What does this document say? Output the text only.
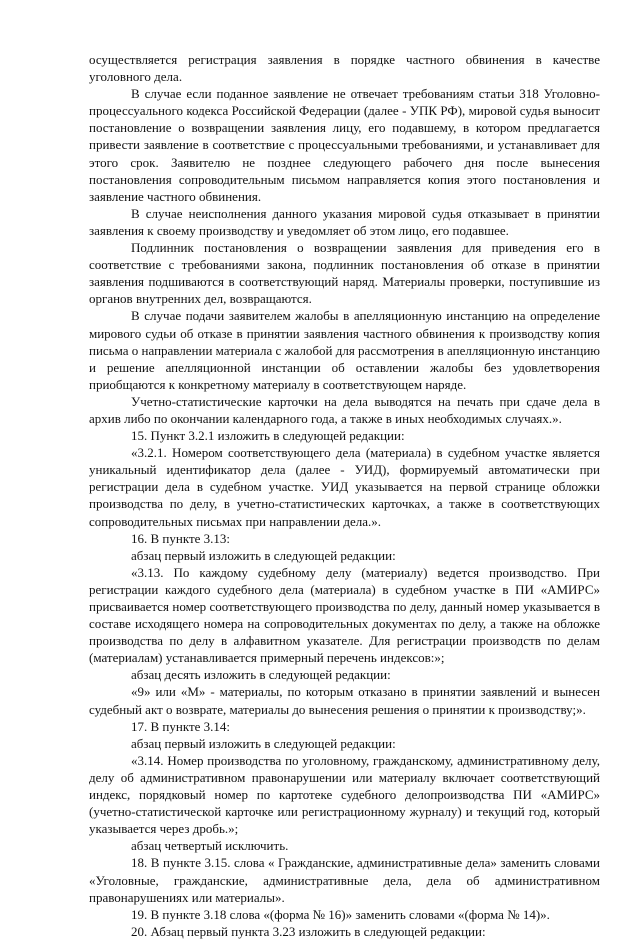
осуществляется регистрация заявления в порядке частного обвинения в качестве уголовного дела.

В случае если поданное заявление не отвечает требованиям статьи 318 Уголовно-процессуального кодекса Российской Федерации (далее - УПК РФ), мировой судья выносит постановление о возвращении заявления лицу, его подавшему, в котором предлагается привести заявление в соответствие с процессуальными требованиями, и устанавливает для этого срок. Заявителю не позднее следующего рабочего дня после вынесения постановления сопроводительным письмом направляется копия этого постановления и заявление частного обвинения.

В случае неисполнения данного указания мировой судья отказывает в принятии заявления к своему производству и уведомляет об этом лицо, его подавшее.

Подлинник постановления о возвращении заявления для приведения его в соответствие с требованиями закона, подлинник постановления об отказе в принятии заявления подшиваются в соответствующий наряд. Материалы проверки, поступившие из органов внутренних дел, возвращаются.

В случае подачи заявителем жалобы в апелляционную инстанцию на определение мирового судьи об отказе в принятии заявления частного обвинения к производству копия письма о направлении материала с жалобой для рассмотрения в апелляционную инстанцию и решение апелляционной инстанции об оставлении жалобы без удовлетворения приобщаются к конкретному материалу в соответствующем наряде.

Учетно-статистические карточки на дела выводятся на печать при сдаче дела в архив либо по окончании календарного года, а также в иных необходимых случаях.».

15. Пункт 3.2.1 изложить в следующей редакции:

«3.2.1. Номером соответствующего дела (материала) в судебном участке является уникальный идентификатор дела (далее - УИД), формируемый автоматически при регистрации дела в судебном участке. УИД указывается на первой странице обложки производства по делу, в учетно-статистических карточках, а также в соответствующих сопроводительных письмах при направлении дела.».

16. В пункте 3.13:

абзац первый изложить в следующей редакции:

«3.13. По каждому судебному делу (материалу) ведется производство. При регистрации каждого судебного дела (материала) в судебном участке в ПИ «АМИРС» присваивается номер соответствующего производства по делу, данный номер указывается в составе исходящего номера на сопроводительных документах по делу, а также на обложке производства по делу в алфавитном указателе. Для регистрации производств по делам (материалам) устанавливается примерный перечень индексов:»;

абзац десять изложить в следующей редакции:

«9» или «М» - материалы, по которым отказано в принятии заявлений и вынесен судебный акт о возврате, материалы до вынесения решения о принятии к производству;».

17. В пункте 3.14:

абзац первый изложить в следующей редакции:

«3.14. Номер производства по уголовному, гражданскому, административному делу, делу об административном правонарушении или материалу включает соответствующий индекс, порядковый номер по картотеке судебного делопроизводства ПИ «АМИРС» (учетно-статистической карточке или регистрационному журналу) и текущий год, который указывается через дробь.»;

абзац четвертый исключить.

18. В пункте 3.15. слова « Гражданские, административные дела» заменить словами «Уголовные, гражданские, административные дела, дела об административном правонарушениях или материалы».

19. В пункте 3.18 слова «(форма № 16)» заменить словами «(форма № 14)».

20. Абзац первый пункта 3.23 изложить в следующей редакции:
